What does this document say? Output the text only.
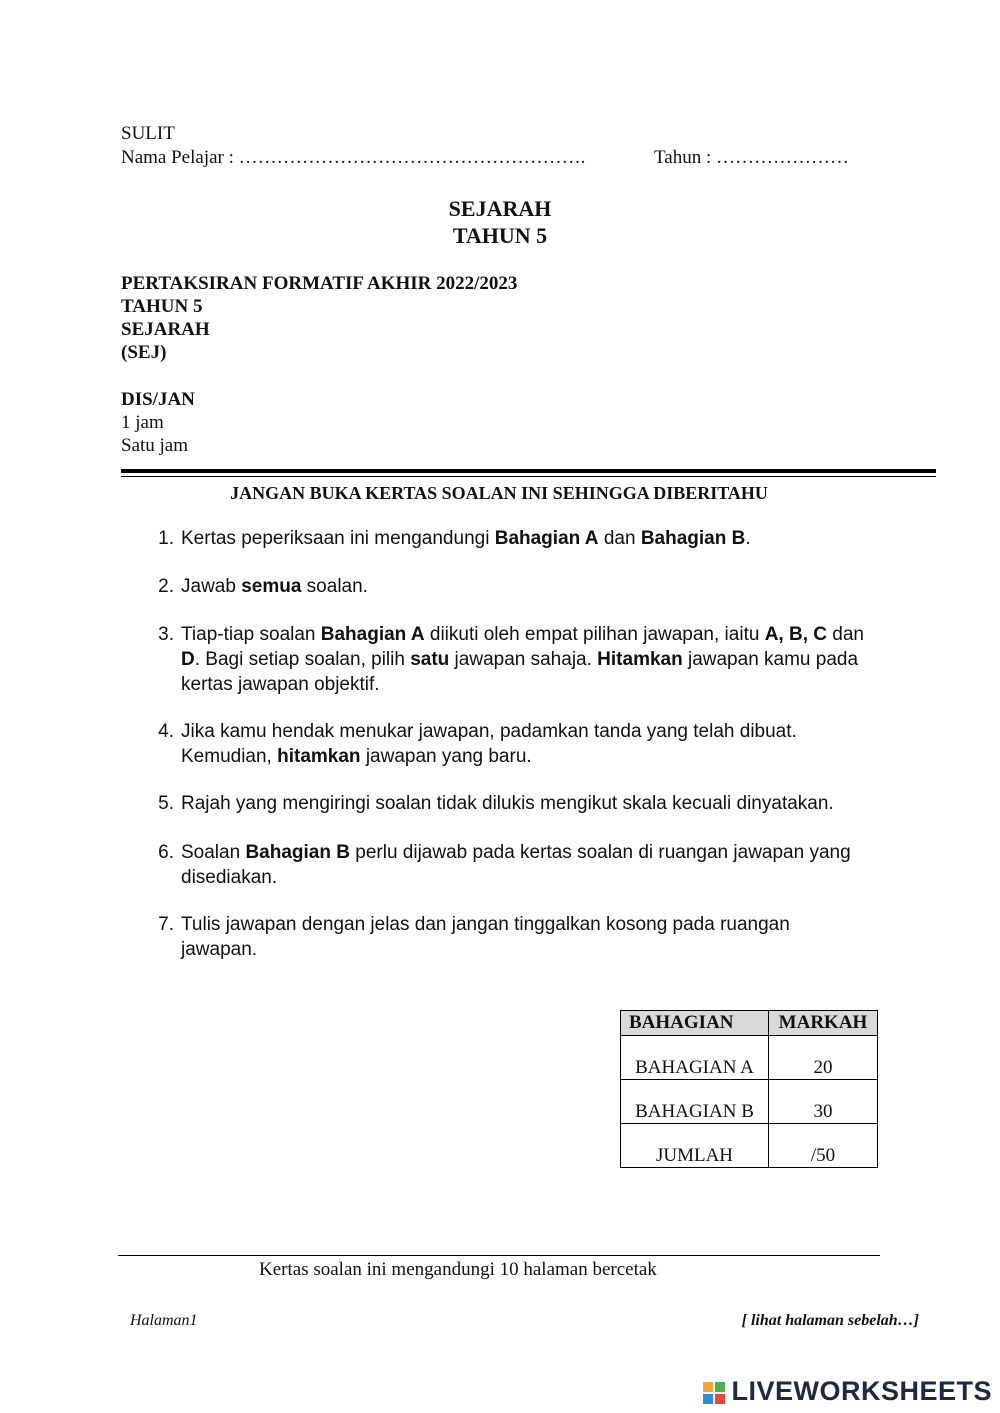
SULIT
Nama Pelajar : ……………………………………………….	Tahun : …………………
SEJARAH
TAHUN 5
PERTAKSIRAN FORMATIF AKHIR 2022/2023
TAHUN 5
SEJARAH
(SEJ)
DIS/JAN
1 jam
Satu jam
JANGAN BUKA KERTAS SOALAN INI SEHINGGA DIBERITAHU
1. Kertas peperiksaan ini mengandungi Bahagian A dan Bahagian B.
2. Jawab semua soalan.
3. Tiap-tiap soalan Bahagian A diikuti oleh empat pilihan jawapan, iaitu A, B, C dan D. Bagi setiap soalan, pilih satu jawapan sahaja. Hitamkan jawapan kamu pada kertas jawapan objektif.
4. Jika kamu hendak menukar jawapan, padamkan tanda yang telah dibuat. Kemudian, hitamkan jawapan yang baru.
5. Rajah yang mengiringi soalan tidak dilukis mengikut skala kecuali dinyatakan.
6. Soalan Bahagian B perlu dijawab pada kertas soalan di ruangan jawapan yang disediakan.
7. Tulis jawapan dengan jelas dan jangan tinggalkan kosong pada ruangan jawapan.
BAHAGIAN	MARKAH
BAHAGIAN A	20
BAHAGIAN B	30
JUMLAH	/50
Kertas soalan ini mengandungi 10 halaman bercetak
Halaman1	[ lihat halaman sebelah…]
LIVEWORKSHEETS
